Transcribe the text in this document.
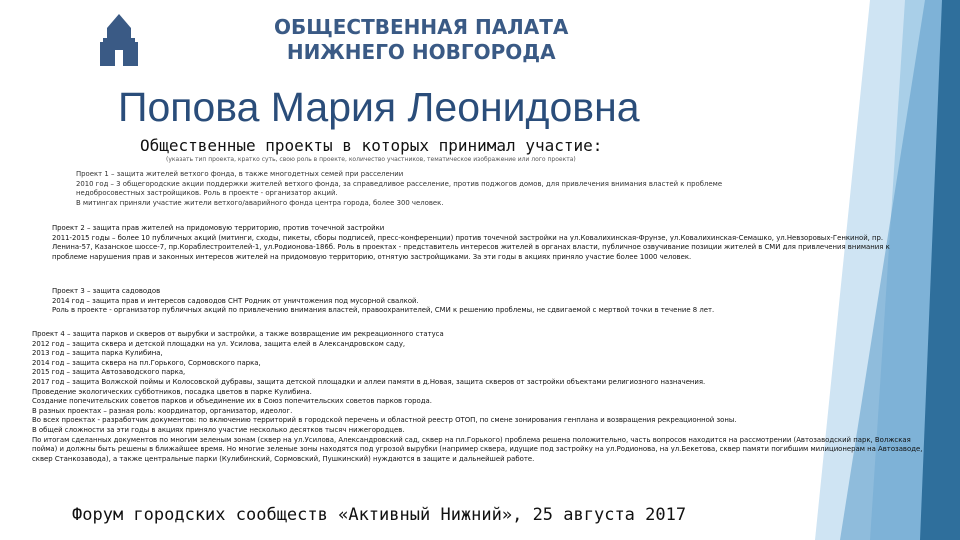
ОБЩЕСТВЕННАЯ ПАЛАТА
НИЖНЕГО НОВГОРОДА
Попова Мария Леонидовна
Общественные проекты в которых принимал участие:
(указать тип проекта, кратко суть, свою роль в проекте, количество участников, тематическое изображение или лого проекта)

Проект 1 – защита жителей ветхого фонда, в также многодетных семей при расселении

2010 год – 3 общегородские акции поддержки жителей ветхого фонда, за справедливое расселение, против поджогов домов, для привлечения внимания властей к проблеме недобросовестных застройщиков. Роль в проекте - организатор акций.

В митингах приняли участие жители ветхого/аварийного фонда центра города, более 300 человек.

Проект 2 – защита прав жителей на придомовую территорию, против точечной застройки

2011-2015 годы – более 10 публичных акций (митинги, сходы, пикеты, сборы подписей, пресс-конференции) против точечной застройки на ул.Ковалихинская-Фрунзе, ул.Ковалихинская-Семашко, ул.Невзоровых-Генкиной, пр. Ленина-57, Казанское шоссе-7, пр.Кораблестроителей-1, ул.Родионова-186б. Роль в проектах - представитель интересов жителей в органах власти, публичное озвучивание позиции жителей в СМИ для привлечения внимания к проблеме нарушения прав и законных интересов жителей на придомовую территорию, отнятую застройщиками. За эти годы в акциях приняло участие более 1000 человек.

Проект 3 – защита садоводов

2014 год – защита прав и интересов садоводов СНТ Родник от уничтожения под мусорной свалкой.

Роль в проекте - организатор публичных акций по привлечению внимания властей, правоохранителей, СМИ к решению проблемы, не сдвигаемой с мертвой точки в течение 8 лет.

Проект 4 – защита парков и скверов от вырубки и застройки, а также возвращение им рекреационного статуса

2012 год – защита сквера и детской площадки на ул. Усилова, защита елей в Александровском саду,

2013 год – защита парка Кулибина,

2014 год – защита сквера на пл.Горького, Сормовского парка,

2015 год – защита Автозаводского парка,

2017 год – защита Волжской поймы и Колосовской дубравы, защита детской площадки и аллеи памяти в д.Новая, защита скверов от застройки объектами религиозного назначения.

Проведение экологических субботников, посадка цветов в парке Кулибина.

Создание попечительских советов парков и объединение их в Союз попечительских советов парков города.

В разных проектах – разная роль: координатор, организатор, идеолог.

Во всех проектах - разработчик документов: по включению территорий в городской перечень и областной реестр ОТОП, по смене зонирования генплана и возвращения рекреационной зоны.

В общей сложности за эти годы в акциях приняло участие несколько десятков тысяч нижегородцев.

По итогам сделанных документов по многим зеленым зонам (сквер на ул.Усилова, Александровский сад, сквер на пл.Горького) проблема решена положительно, часть вопросов находится на рассмотрении (Автозаводский парк, Волжская пойма) и должны быть решены в ближайшее время. Но многие зеленые зоны находятся под угрозой вырубки (например сквера, идущие под застройку на ул.Родионова, на ул.Бекетова, сквер памяти погибшим милиционерам на Автозаводе, сквер Станкозавода), а также центральные парки (Кулибинский, Сормовский, Пушкинский) нуждаются в защите и дальнейшей работе.

Форум городских сообществ «Активный Нижний», 25 августа 2017
